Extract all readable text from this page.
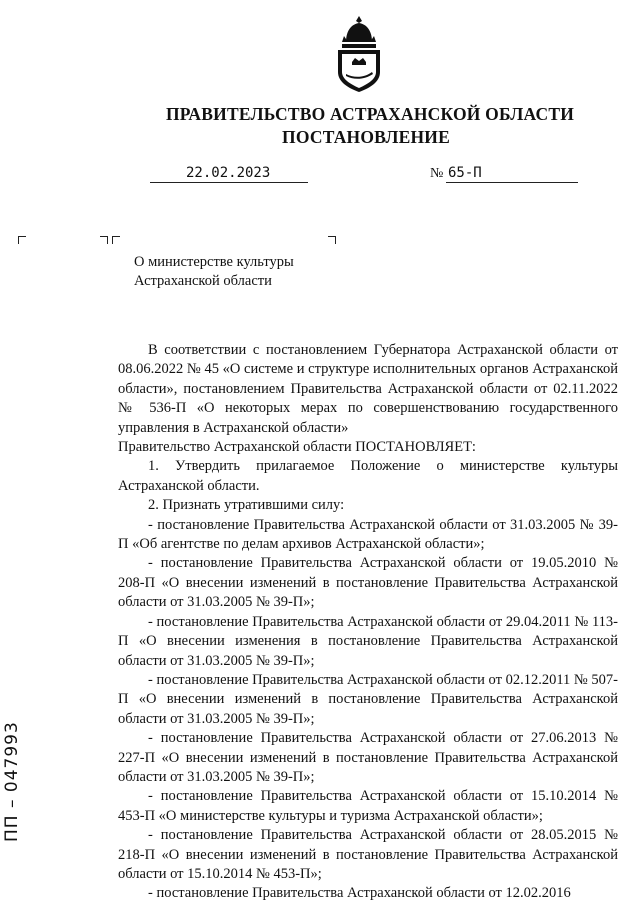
ПРАВИТЕЛЬСТВО АСТРАХАНСКОЙ ОБЛАСТИ
ПОСТАНОВЛЕНИЕ
22.02.2023	№ 65-П
О министерстве культуры
Астраханской области

В соответствии с постановлением Губернатора Астраханской области от 08.06.2022 № 45 «О системе и структуре исполнительных органов Астраханской области», постановлением Правительства Астраханской области от 02.11.2022 № 536-П «О некоторых мерах по совершенствованию государственного управления в Астраханской области»

Правительство Астраханской области ПОСТАНОВЛЯЕТ:

1. Утвердить прилагаемое Положение о министерстве культуры Астраханской области.

2. Признать утратившими силу:

- постановление Правительства Астраханской области от 31.03.2005 № 39-П «Об агентстве по делам архивов Астраханской области»;

- постановление Правительства Астраханской области от 19.05.2010 № 208-П «О внесении изменений в постановление Правительства Астраханской области от 31.03.2005 № 39-П»;

- постановление Правительства Астраханской области от 29.04.2011 № 113-П «О внесении изменения в постановление Правительства Астраханской области от 31.03.2005 № 39-П»;

- постановление Правительства Астраханской области от 02.12.2011 № 507-П «О внесении изменений в постановление Правительства Астраханской области от 31.03.2005 № 39-П»;

- постановление Правительства Астраханской области от 27.06.2013 № 227-П «О внесении изменений в постановление Правительства Астраханской области от 31.03.2005 № 39-П»;

- постановление Правительства Астраханской области от 15.10.2014 № 453-П «О министерстве культуры и туризма Астраханской области»;

- постановление Правительства Астраханской области от 28.05.2015 № 218-П «О внесении изменений в постановление Правительства Астраханской области от 15.10.2014 № 453-П»;

- постановление Правительства Астраханской области от 12.02.2016

ПП – 047993
